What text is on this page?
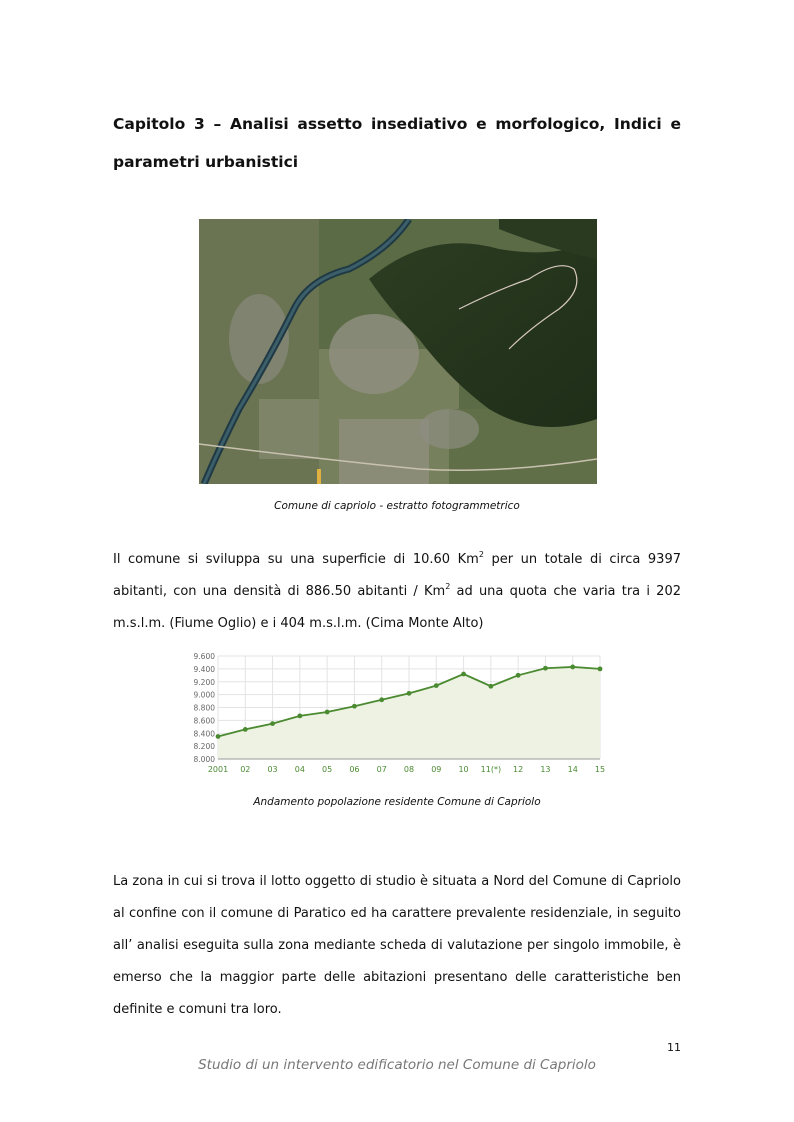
Capitolo 3 – Analisi assetto insediativo e morfologico, Indici e parametri urbanistici
Comune di capriolo - estratto fotogrammetrico

Il comune si sviluppa su una superficie di 10.60 Km$^2$ per un totale di circa 9397 abitanti, con una densità di 886.50 abitanti / Km$^2$ ad una quota che varia tra i 202 m.s.l.m. (Fiume Oglio) e i 404 m.s.l.m. (Cima Monte Alto)

8.000
8.200
8.400
8.600
8.800
9.000
9.200
9.400
9.600
2001 02 03 04 05 06 07 08 09 10 11(*) 12 13 14 15
Andamento popolazione residente Comune di Capriolo

La zona in cui si trova il lotto oggetto di studio è situata a Nord del Comune di Capriolo al confine con il comune di Paratico ed ha carattere prevalente residenziale, in seguito all’ analisi eseguita sulla zona mediante scheda di valutazione per singolo immobile, è emerso che la maggior parte delle abitazioni presentano delle caratteristiche ben definite e comuni tra loro.

11
Studio di un intervento edificatorio nel Comune di Capriolo
